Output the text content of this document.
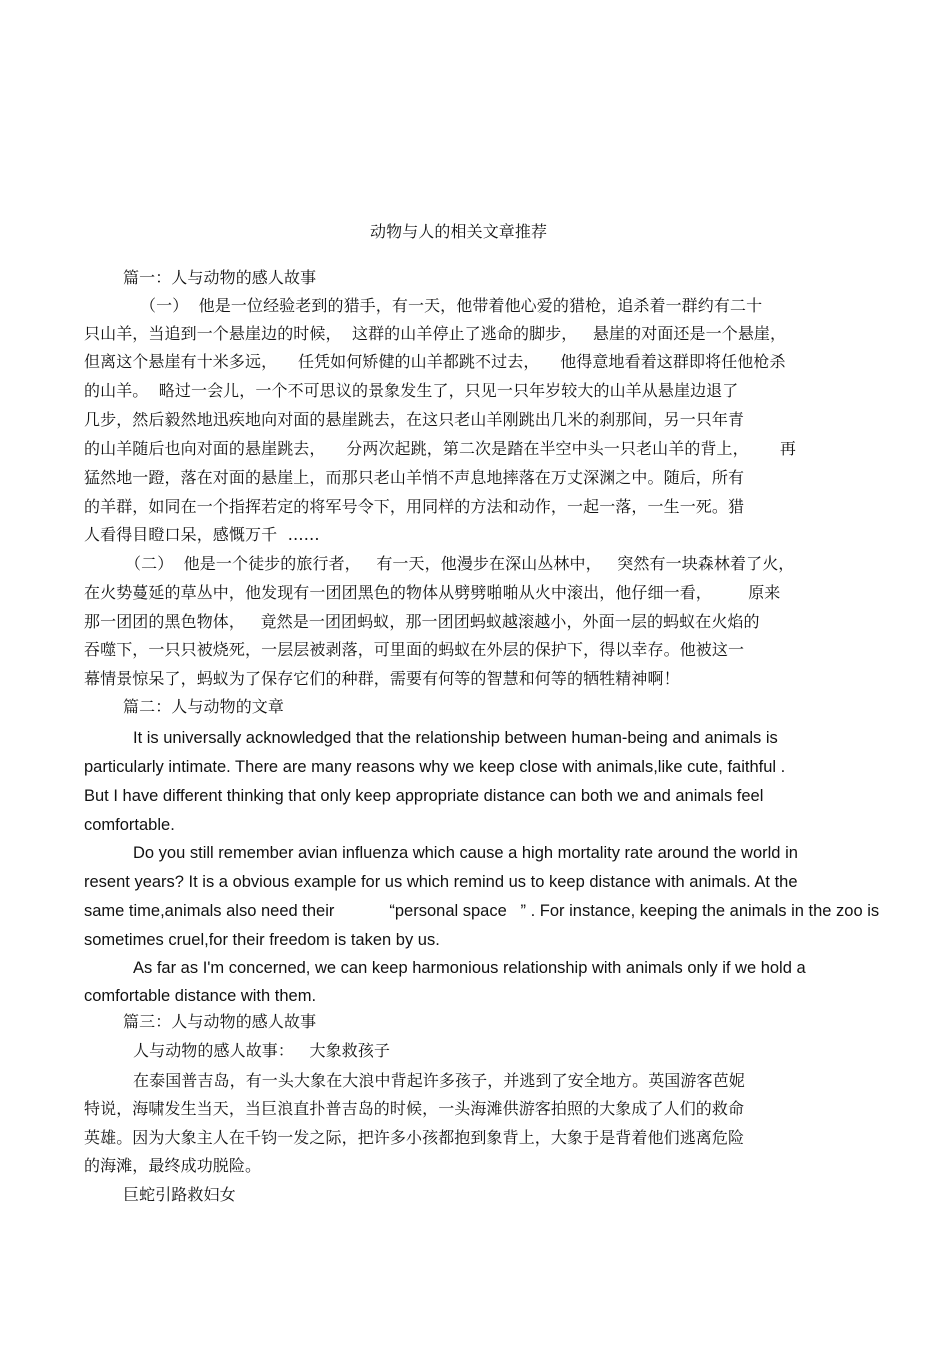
动物与人的相关文章推荐
篇一：人与动物的感人故事
（一）  他是一位经验老到的猎手，有一天，他带着他心爱的猎枪，追杀着一群约有二十
只山羊，当追到一个悬崖边的时候，  这群的山羊停止了逃命的脚步，   悬崖的对面还是一个悬崖，
但离这个悬崖有十米多远，    任凭如何矫健的山羊都跳不过去，    他得意地看着这群即将任他枪杀
的山羊。  略过一会儿，一个不可思议的景象发生了，只见一只年岁较大的山羊从悬崖边退了
几步，然后毅然地迅疾地向对面的悬崖跳去，在这只老山羊刚跳出几米的刹那间，另一只年青
的山羊随后也向对面的悬崖跳去，    分两次起跳，第二次是踏在半空中头一只老山羊的背上，      再
猛然地一蹬，落在对面的悬崖上，而那只老山羊悄不声息地摔落在万丈深渊之中。随后，所有
的羊群，如同在一个指挥若定的将军号令下，用同样的方法和动作，一起一落，一生一死。猎
人看得目瞪口呆，感慨万千  ……
（二）  他是一个徒步的旅行者，   有一天，他漫步在深山丛林中，   突然有一块森林着了火，
在火势蔓延的草丛中，他发现有一团团黑色的物体从劈劈啪啪从火中滚出，他仔细一看，       原来
那一团团的黑色物体，   竟然是一团团蚂蚁，那一团团蚂蚁越滚越小，外面一层的蚂蚁在火焰的
吞噬下，一只只被烧死，一层层被剥落，可里面的蚂蚁在外层的保护下，得以幸存。他被这一
幕情景惊呆了，蚂蚁为了保存它们的种群，需要有何等的智慧和何等的牺牲精神啊！
篇二：人与动物的文章
It is universally acknowledged that the relationship between human-being and animals is
particularly intimate. There are many reasons why we keep close with animals,like cute, faithful .
But I have different thinking that only keep appropriate distance can both we and animals feel
comfortable.
Do you still remember avian influenza which cause a high mortality rate around the world in
resent years? It is a obvious example for us which remind us to keep distance with animals. At the
same time,animals also need their            “personal space   ” . For instance, keeping the animals in the zoo is
sometimes cruel,for their freedom is taken by us.
As far as I'm concerned, we can keep harmonious relationship with animals only if we hold a
comfortable distance with them.
篇三：人与动物的感人故事
人与动物的感人故事：   大象救孩子
在泰国普吉岛，有一头大象在大浪中背起许多孩子，并逃到了安全地方。英国游客芭妮
特说，海啸发生当天，当巨浪直扑普吉岛的时候，一头海滩供游客拍照的大象成了人们的救命
英雄。因为大象主人在千钧一发之际，把许多小孩都抱到象背上，大象于是背着他们逃离危险
的海滩，最终成功脱险。
巨蛇引路救妇女
